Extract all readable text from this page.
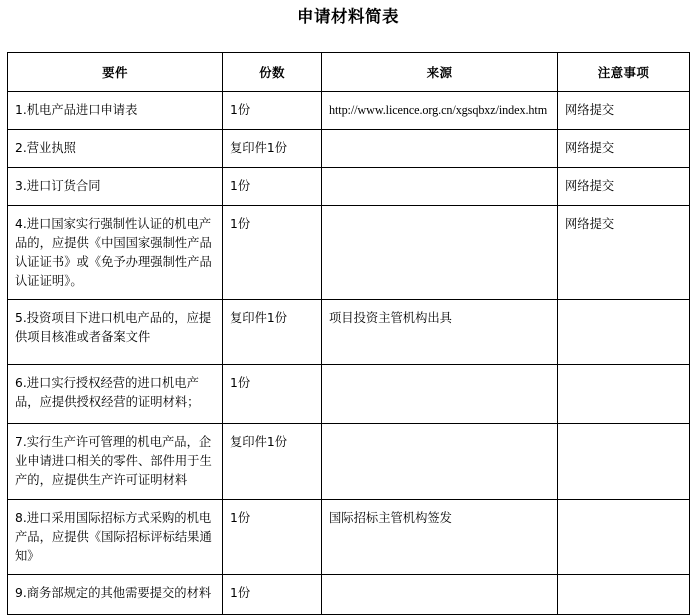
申请材料简表
要件	份数	来源	注意事项
1.机电产品进口申请表	1份	http://www.licence.org.cn/xgsqbxz/index.htm	网络提交
2.营业执照	复印件1份		网络提交
3.进口订货合同	1份		网络提交
4.进口国家实行强制性认证的机电产品的，应提供《中国国家强制性产品认证证书》或《免予办理强制性产品认证证明》。	1份		网络提交
5.投资项目下进口机电产品的，应提供项目核准或者备案文件	复印件1份	项目投资主管机构出具	
6.进口实行授权经营的进口机电产品，应提供授权经营的证明材料；	1份		
7.实行生产许可管理的机电产品，企业申请进口相关的零件、部件用于生产的，应提供生产许可证明材料	复印件1份		
8.进口采用国际招标方式采购的机电产品，应提供《国际招标评标结果通知》	1份	国际招标主管机构签发	
9.商务部规定的其他需要提交的材料	1份		
